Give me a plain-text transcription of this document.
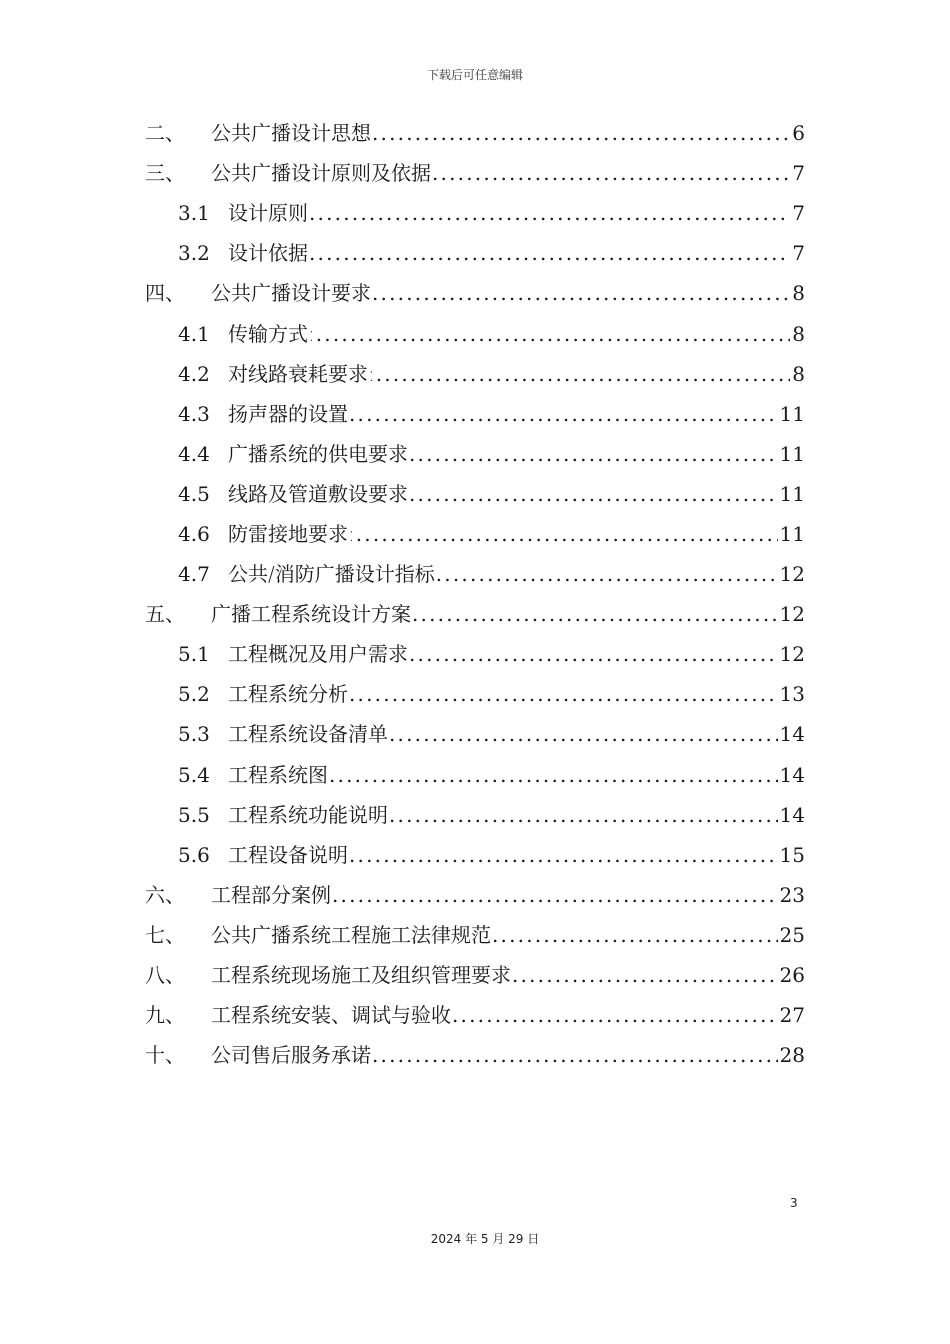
下载后可任意编辑
二、	公共广播设计思想 .....	6
三、	公共广播设计原则及依据 .....	7
3.1 设计原则 .....	7
3.2 设计依据 .....	7
四、	公共广播设计要求 .....	8
4.1 传输方式: .....	8
4.2 对线路衰耗要求: .....	8
4.3 扬声器的设置 .....	11
4.4 广播系统的供电要求 .....	11
4.5 线路及管道敷设要求 .....	11
4.6 防雷接地要求: .....	11
4.7 公共/消防广播设计指标 .....	12
五、	广播工程系统设计方案 .....	12
5.1 工程概况及用户需求 .....	12
5.2 工程系统分析 .....	13
5.3 工程系统设备清单 .....	14
5.4 工程系统图 .....	14
5.5 工程系统功能说明 .....	14
5.6 工程设备说明 .....	15
六、	工程部分案例 .....	23
七、	公共广播系统工程施工法律规范 .....	25
八、	工程系统现场施工及组织管理要求 .....	26
九、	工程系统安装、调试与验收 .....	27
十、	公司售后服务承诺 .....	28
3
2024 年 5 月 29 日
